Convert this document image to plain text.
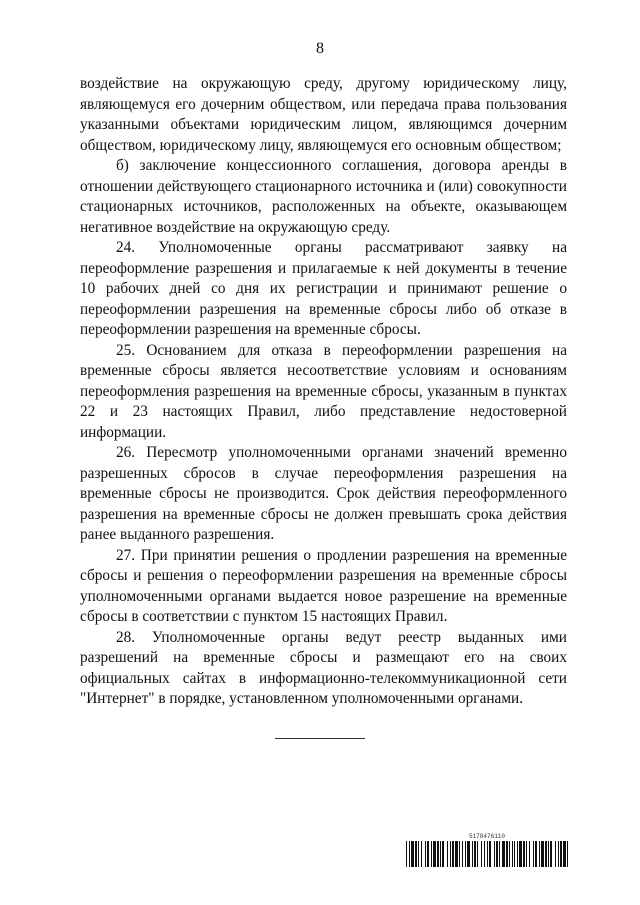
8

воздействие на окружающую среду, другому юридическому лицу, являющемуся его дочерним обществом, или передача права пользования указанными объектами юридическим лицом, являющимся дочерним обществом, юридическому лицу, являющемуся его основным обществом;

б) заключение концессионного соглашения, договора аренды в отношении действующего стационарного источника и (или) совокупности стационарных источников, расположенных на объекте, оказывающем негативное воздействие на окружающую среду.

24. Уполномоченные органы рассматривают заявку на переоформление разрешения и прилагаемые к ней документы в течение 10 рабочих дней со дня их регистрации и принимают решение о переоформлении разрешения на временные сбросы либо об отказе в переоформлении разрешения на временные сбросы.

25. Основанием для отказа в переоформлении разрешения на временные сбросы является несоответствие условиям и основаниям переоформления разрешения на временные сбросы, указанным в пунктах 22 и 23 настоящих Правил, либо представление недостоверной информации.

26. Пересмотр уполномоченными органами значений временно разрешенных сбросов в случае переоформления разрешения на временные сбросы не производится. Срок действия переоформленного разрешения на временные сбросы не должен превышать срока действия ранее выданного разрешения.

27. При принятии решения о продлении разрешения на временные сбросы и решения о переоформлении разрешения на временные сбросы уполномоченными органами выдается новое разрешение на временные сбросы в соответствии с пунктом 15 настоящих Правил.

28. Уполномоченные органы ведут реестр выданных ими разрешений на временные сбросы и размещают его на своих официальных сайтах в информационно-телекоммуникационной сети "Интернет" в порядке, установленном уполномоченными органами.

5178476110
